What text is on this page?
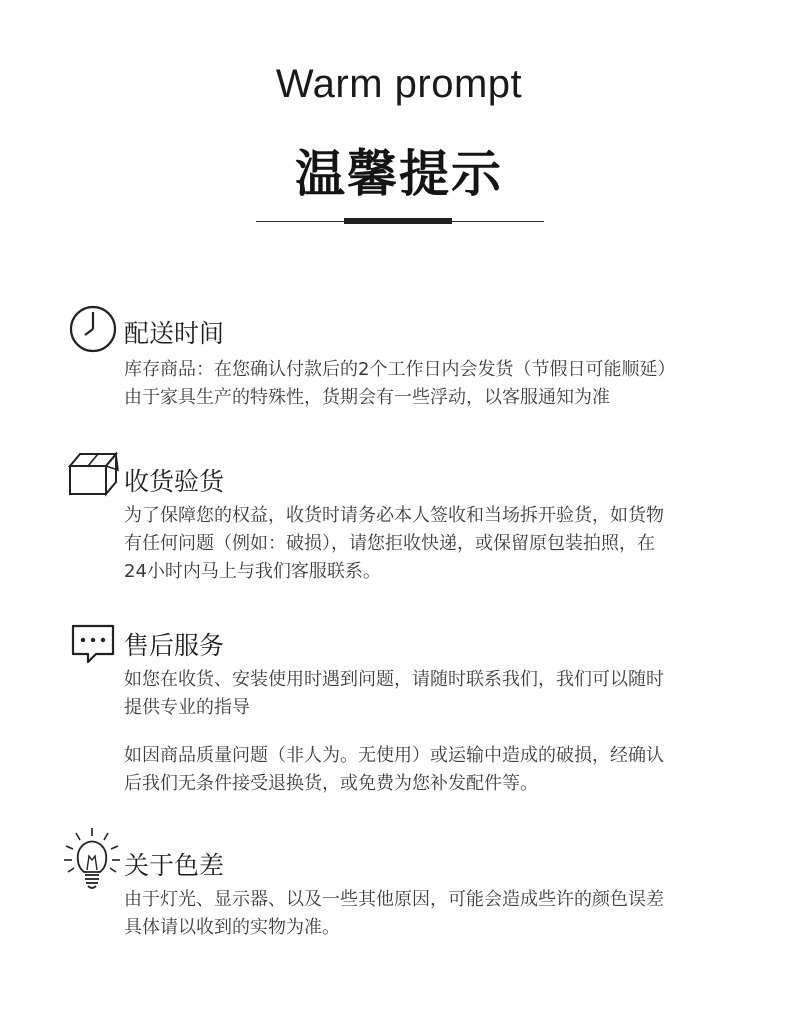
Warm prompt
温馨提示
配送时间

库存商品：在您确认付款后的2个工作日内会发货（节假日可能顺延）

由于家具生产的特殊性，货期会有一些浮动，以客服通知为准

收货验货

为了保障您的权益，收货时请务必本人签收和当场拆开验货，如货物

有任何问题（例如：破损），请您拒收快递，或保留原包装拍照，在

24小时内马上与我们客服联系。

售后服务

如您在收货、安装使用时遇到问题，请随时联系我们，我们可以随时

提供专业的指导

如因商品质量问题（非人为。无使用）或运输中造成的破损，经确认

后我们无条件接受退换货，或免费为您补发配件等。

关于色差

由于灯光、显示器、以及一些其他原因，可能会造成些许的颜色误差

具体请以收到的实物为准。
